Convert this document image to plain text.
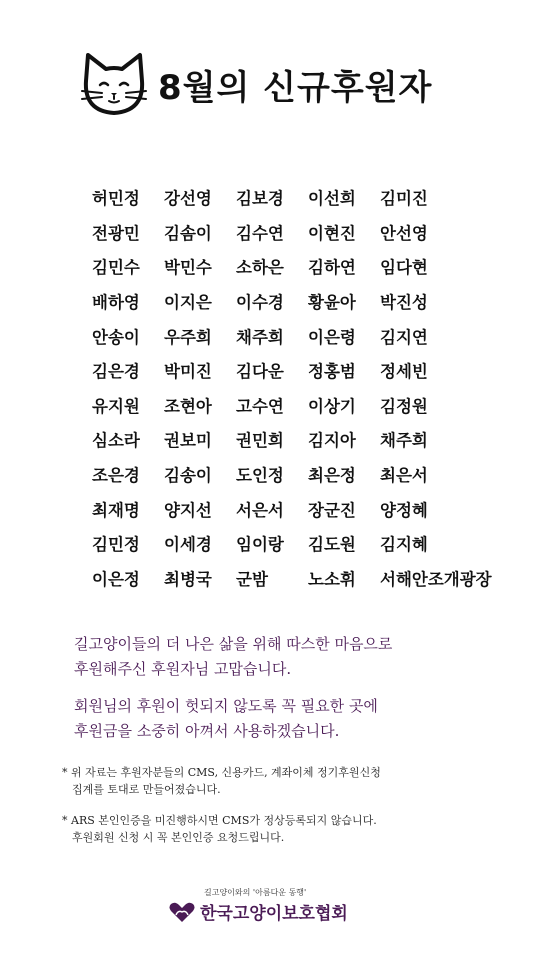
8월의 신규후원자
허민정	강선영	김보경	이선희	김미진
전광민	김솜이	김수연	이현진	안선영
김민수	박민수	소하은	김하연	임다현
배하영	이지은	이수경	황윤아	박진성
안송이	우주희	채주희	이은령	김지연
김은경	박미진	김다운	정홍범	정세빈
유지원	조현아	고수연	이상기	김정원
심소라	권보미	권민희	김지아	채주희
조은경	김송이	도인정	최은정	최은서
최재명	양지선	서은서	장군진	양정혜
김민정	이세경	임이랑	김도원	김지혜
이은정	최병국	군밤	노소휘	서해안조개광장
길고양이들의 더 나은 삶을 위해 따스한 마음으로
후원해주신 후원자님 고맙습니다.
회원님의 후원이 헛되지 않도록 꼭 필요한 곳에
후원금을 소중히 아껴서 사용하겠습니다.
* 위 자료는 후원자분들의 CMS, 신용카드, 계좌이체 정기후원신청
집계를 토대로 만들어졌습니다.
* ARS 본인인증을 미진행하시면 CMS가 정상등록되지 않습니다.
후원회원 신청 시 꼭 본인인증 요청드립니다.
길고양이와의 '아름다운 동행'
한국고양이보호협회
